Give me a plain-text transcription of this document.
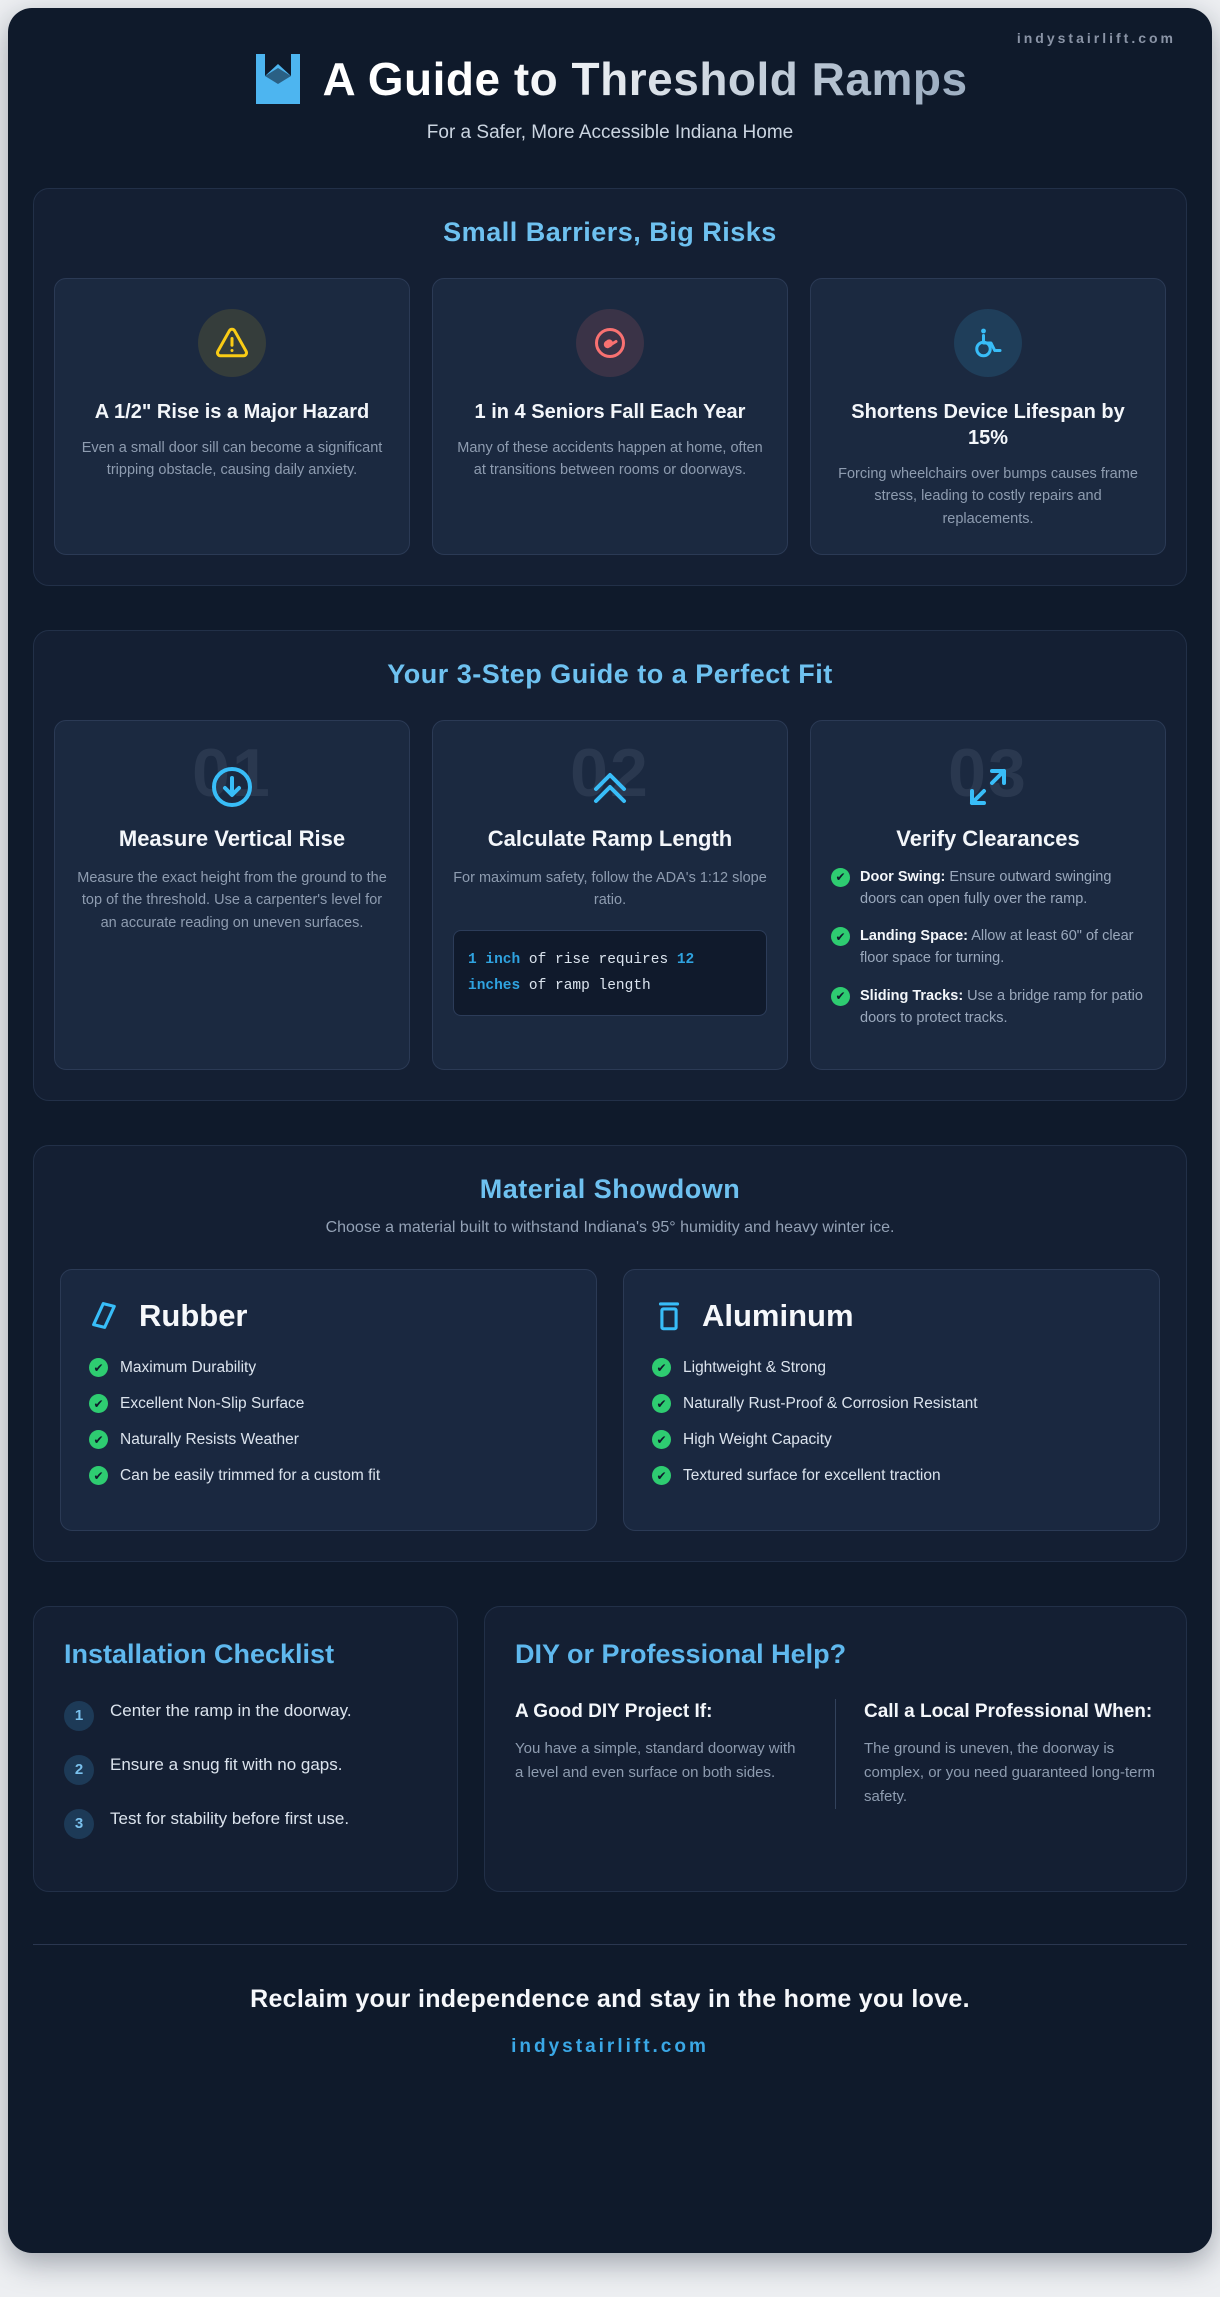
indystairlift.com
A Guide to Threshold Ramps
For a Safer, More Accessible Indiana Home
Small Barriers, Big Risks
A 1/2" Rise is a Major Hazard

Even a small door sill can become a significant tripping obstacle, causing daily anxiety.

1 in 4 Seniors Fall Each Year

Many of these accidents happen at home, often at transitions between rooms or doorways.

Shortens Device Lifespan by 15%

Forcing wheelchairs over bumps causes frame stress, leading to costly repairs and replacements.

Your 3-Step Guide to a Perfect Fit
01
Measure Vertical Rise

Measure the exact height from the ground to the top of the threshold. Use a carpenter's level for an accurate reading on uneven surfaces.

02
Calculate Ramp Length

For maximum safety, follow the ADA's 1:12 slope ratio.

1 inch of rise requires 12 inches of ramp length
03
Verify Clearances
✔ Door Swing: Ensure outward swinging doors can open fully over the ramp.
✔ Landing Space: Allow at least 60" of clear floor space for turning.
✔ Sliding Tracks: Use a bridge ramp for patio doors to protect tracks.
Material Showdown

Choose a material built to withstand Indiana's 95° humidity and heavy winter ice.

Rubber
✔ Maximum Durability
✔ Excellent Non-Slip Surface
✔ Naturally Resists Weather
✔ Can be easily trimmed for a custom fit
Aluminum
✔ Lightweight & Strong
✔ Naturally Rust-Proof & Corrosion Resistant
✔ High Weight Capacity
✔ Textured surface for excellent traction
Installation Checklist
1	Center the ramp in the doorway.
2	Ensure a snug fit with no gaps.
3	Test for stability before first use.
DIY or Professional Help?
A Good DIY Project If:

You have a simple, standard doorway with a level and even surface on both sides.

Call a Local Professional When:

The ground is uneven, the doorway is complex, or you need guaranteed long-term safety.

Reclaim your independence and stay in the home you love.
indystairlift.com
